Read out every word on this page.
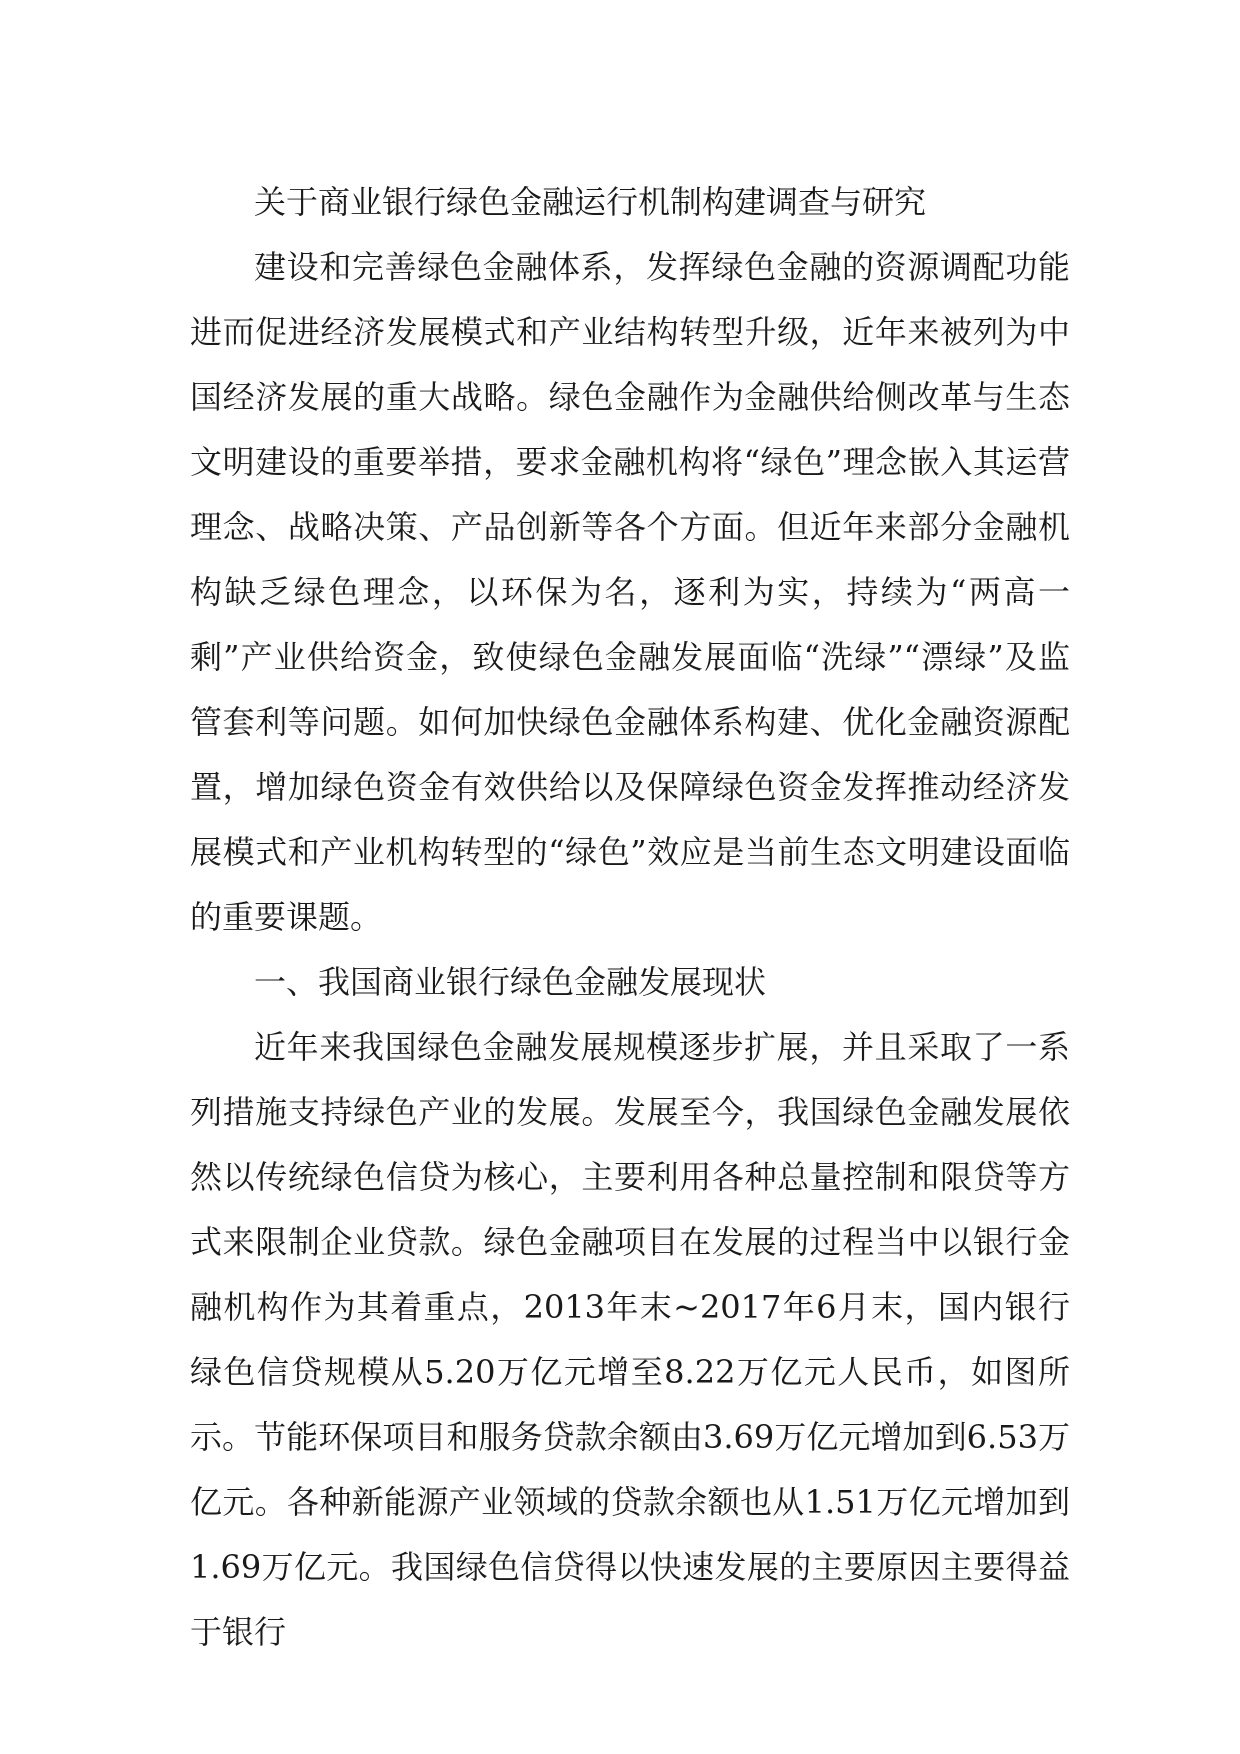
关于商业银行绿色金融运行机制构建调查与研究

建设和完善绿色金融体系，发挥绿色金融的资源调配功能进而促进经济发展模式和产业结构转型升级，近年来被列为中国经济发展的重大战略。绿色金融作为金融供给侧改革与生态文明建设的重要举措，要求金融机构将“绿色”理念嵌入其运营理念、战略决策、产品创新等各个方面。但近年来部分金融机构缺乏绿色理念，以环保为名，逐利为实，持续为“两高一剩”产业供给资金，致使绿色金融发展面临“洗绿”“漂绿”及监管套利等问题。如何加快绿色金融体系构建、优化金融资源配置，增加绿色资金有效供给以及保障绿色资金发挥推动经济发展模式和产业机构转型的“绿色”效应是当前生态文明建设面临的重要课题。

一、我国商业银行绿色金融发展现状

近年来我国绿色金融发展规模逐步扩展，并且采取了一系列措施支持绿色产业的发展。发展至今，我国绿色金融发展依然以传统绿色信贷为核心，主要利用各种总量控制和限贷等方式来限制企业贷款。绿色金融项目在发展的过程当中以银行金融机构作为其着重点，2013年末~2017年6月末，国内银行绿色信贷规模从5.20万亿元增至8.22万亿元人民币，如图所示。节能环保项目和服务贷款余额由3.69万亿元增加到6.53万亿元。各种新能源产业领域的贷款余额也从1.51万亿元增加到1.69万亿元。我国绿色信贷得以快速发展的主要原因主要得益于银行
